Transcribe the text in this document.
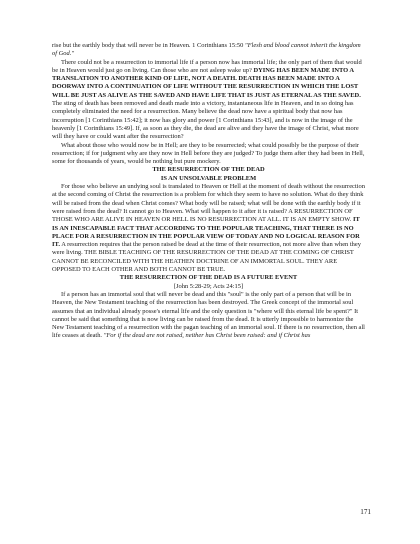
rise but the earthly body that will never be in Heaven. 1 Corinthians 15:50 "Flesh and blood cannot inherit the kingdom of God."

There could not be a resurrection to immortal life if a person now has immortal life; the only part of them that would be in Heaven would just go on living. Can those who are not asleep wake up? DYING HAS BEEN MADE INTO A TRANSLATION TO ANOTHER KIND OF LIFE, NOT A DEATH. DEATH HAS BEEN MADE INTO A DOORWAY INTO A CONTINUATION OF LIFE WITHOUT THE RESURRECTION IN WHICH THE LOST WILL BE JUST AS ALIVE AS THE SAVED AND HAVE LIFE THAT IS JUST AS ETERNAL AS THE SAVED. The sting of death has been removed and death made into a victory, instantaneous life in Heaven, and in so doing has completely eliminated the need for a resurrection. Many believe the dead now have a spiritual body that now has incorruption [1 Corinthians 15:42]; it now has glory and power [1 Corinthians 15:43], and is now in the image of the heavenly [1 Corinthians 15:49]. If, as soon as they die, the dead are alive and they have the image of Christ, what more will they have or could want after the resurrection?

What about those who would now be in Hell; are they to be resurrected; what could possibly be the purpose of their resurrection; if for judgment why are they now in Hell before they are judged? To judge them after they had been in Hell, some for thousands of years, would be nothing but pure mockery.

THE RESURRECTION OF THE DEAD
IS AN UNSOLVABLE PROBLEM

For those who believe an undying soul is translated to Heaven or Hell at the moment of death without the resurrection at the second coming of Christ the resurrection is a problem for which they seem to have no solution. What do they think will be raised from the dead when Christ comes? What body will be raised; what will be done with the earthly body if it were raised from the dead? It cannot go to Heaven. What will happen to it after it is raised? A RESURRECTION OF THOSE WHO ARE ALIVE IN HEAVEN OR HELL IS NO RESURRECTION AT ALL. IT IS AN EMPTY SHOW. IT IS AN INESCAPABLE FACT THAT ACCORDING TO THE POPULAR TEACHING, THAT THERE IS NO PLACE FOR A RESURRECTION IN THE POPULAR VIEW OF TODAY AND NO LOGICAL REASON FOR IT. A resurrection requires that the person raised be dead at the time of their resurrection, not more alive than when they were living. THE BIBLE TEACHING OF THE RESURRECTION OF THE DEAD AT THE COMING OF CHRIST CANNOT BE RECONCILED WITH THE HEATHEN DOCTRINE OF AN IMMORTAL SOUL. THEY ARE OPPOSED TO EACH OTHER AND BOTH CANNOT BE TRUE.

THE RESURRECTION OF THE DEAD IS A FUTURE EVENT

[John 5:28-29; Acts 24:15]

If a person has an immortal soul that will never be dead and this "soul" is the only part of a person that will be in Heaven, the New Testament teaching of the resurrection has been destroyed. The Greek concept of the immortal soul assumes that an individual already posse's eternal life and the only question is "where will this eternal life be spent?" It cannot be said that something that is now living can be raised from the dead. It is utterly impossible to harmonize the New Testament teaching of a resurrection with the pagan teaching of an immortal soul. If there is no resurrection, then all life ceases at death. "For if the dead are not raised, neither has Christ been raised: and if Christ has

171
